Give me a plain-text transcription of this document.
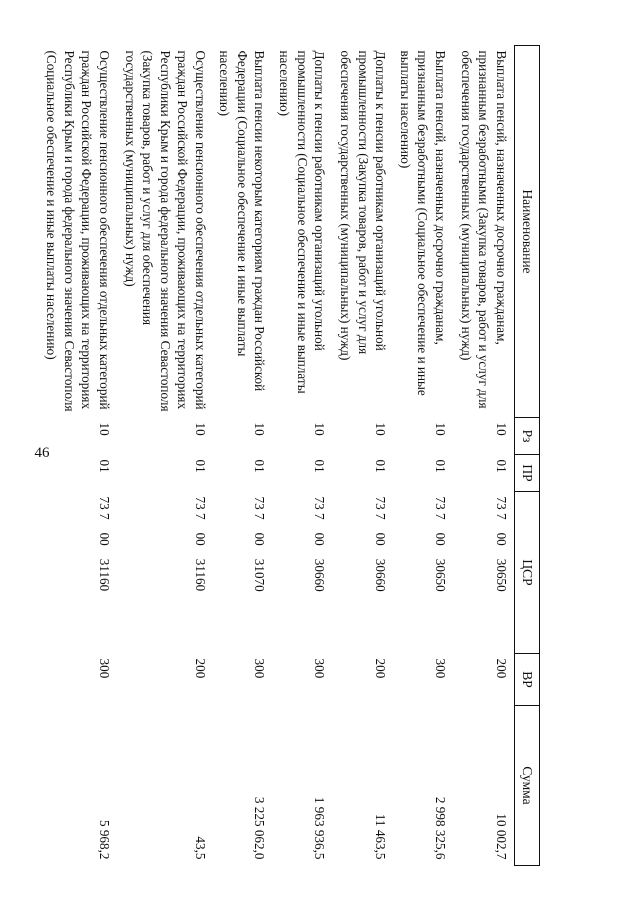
46
Наименование	Рз	ПР	ЦСР	ВР	Сумма
Выплата пенсий, назначенных досрочно гражданам, признанным безработными (Закупка товаров, работ и услуг для обеспечения государственных (муниципальных) нужд)	10	01	73 70030650	200	10 002,7
Выплата пенсий, назначенных досрочно гражданам, признанным безработными (Социальное обеспечение и иные выплаты населению)	10	01	73 70030650	300	2 998 325,6
Доплаты к пенсии работникам организаций угольной промышленности (Закупка товаров, работ и услуг для обеспечения государственных (муниципальных) нужд)	10	01	73 70030660	200	11 463,5
Доплаты к пенсии работникам организаций угольной промышленности (Социальное обеспечение и иные выплаты населению)	10	01	73 70030660	300	1 963 936,5
Выплата пенсии некоторым категориям граждан Российской Федерации (Социальное обеспечение и иные выплаты населению)	10	01	73 70031070	300	3 225 062,0
Осуществление пенсионного обеспечения отдельных категорий граждан Российской Федерации, проживающих на территориях Республики Крым и города федерального значения Севастополя (Закупка товаров, работ и услуг для обеспечения государственных (муниципальных) нужд)	10	01	73 70031160	200	43,5
Осуществление пенсионного обеспечения отдельных категорий граждан Российской Федерации, проживающих на территориях Республики Крым и города федерального значения Севастополя (Социальное обеспечение и иные выплаты населению)	10	01	73 70031160	300	5 968,2
